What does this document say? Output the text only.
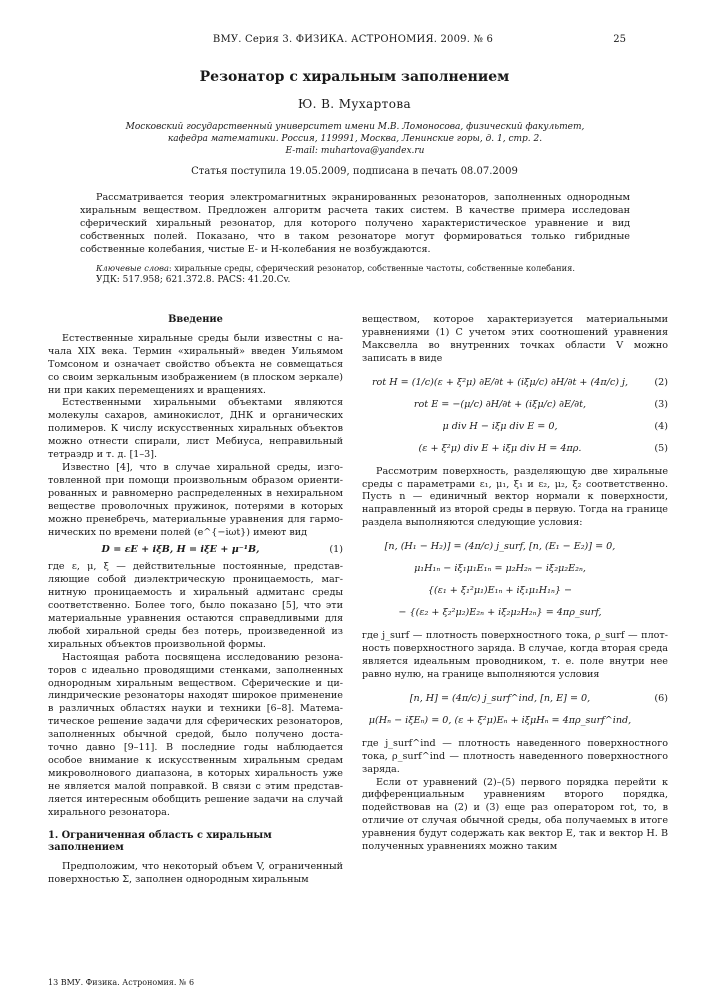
ВМУ. Серия 3. ФИЗИКА. АСТРОНОМИЯ. 2009. № 6	25
Резонатор с хиральным заполнением
Ю. В. Мухартова
Московский государственный университет имени М.В. Ломоносова, физический факультет,
кафедра математики. Россия, 119991, Москва, Ленинские горы, д. 1, стр. 2.
E-mail: muhartova@yandex.ru
Статья поступила 19.05.2009, подписана в печать 08.07.2009
Рассматривается теория электромагнитных экранированных резонаторов, заполненных однородным хиральным веществом. Предложен алгоритм расчета таких систем. В качестве примера исследован сферический хиральный резонатор, для которого получено характеристическое уравнение и вид собственных полей. Показано, что в таком резонаторе могут формироваться только гибридные собственные колебания, чистые E- и H-колебания не возбуждаются.
Ключевые слова: хиральные среды, сферический резонатор, собственные частоты, собственные колебания.
УДК: 517.958; 621.372.8. PACS: 41.20.Cv.
Введение

Естественные хиральные среды были известны с начала XIX века. Термин «хиральный» введен Уильямом Томсоном и означает свойство объекта не совмещаться со своим зеркальным изображением (в плоском зеркале) ни при каких перемещениях и вращениях.

Естественными хиральными объектами являются молекулы сахаров, аминокислот, ДНК и органических полимеров. К числу искусственных хиральных объектов можно отнести спирали, лист Мебиуса, неправильный тетраэдр и т. д. [1–3].

Известно [4], что в случае хиральной среды, изготовленной при помощи произвольным образом ориентированных и равномерно распределенных в нехиральном веществе проволочных пружинок, потерями в которых можно пренебречь, материальные уравнения для гармонических по времени полей (e^{−iωt}) имеют вид

D = εE + iξB, H = iξE + μ⁻¹B,	(1)

где ε, μ, ξ — действительные постоянные, представляющие собой диэлектрическую проницаемость, магнитную проницаемость и хиральный адмитанс среды соответственно. Более того, было показано [5], что эти материальные уравнения остаются справедливыми для любой хиральной среды без потерь, произведенной из хиральных объектов произвольной формы.

Настоящая работа посвящена исследованию резонаторов с идеально проводящими стенками, заполненных однородным хиральным веществом. Сферические и цилиндрические резонаторы находят широкое применение в различных областях науки и техники [6–8]. Математическое решение задачи для сферических резонаторов, заполненных обычной средой, было получено достаточно давно [9–11]. В последние годы наблюдается особое внимание к искусственным хиральным средам микроволнового диапазона, в которых хиральность уже не является малой поправкой. В связи с этим представляется интересным обобщить решение задачи на случай хирального резонатора.

1. Ограниченная область с хиральным заполнением

Предположим, что некоторый объем V, ограниченный поверхностью Σ, заполнен однородным хиральным

веществом, которое характеризуется материальными уравнениями (1) С учетом этих соотношений уравнения Максвелла во внутренних точках области V можно записать в виде

rot H = (1/c)(ε + ξ²μ) ∂E/∂t + (iξμ/c) ∂H/∂t + (4π/c) j,	(2)
rot E = −(μ/c) ∂H/∂t + (iξμ/c) ∂E/∂t,	(3)
μ div H − iξμ div E = 0,	(4)
(ε + ξ²μ) div E + iξμ div H = 4πρ.	(5)

Рассмотрим поверхность, разделяющую две хиральные среды с параметрами ε₁, μ₁, ξ₁ и ε₂, μ₂, ξ₂ соответственно. Пусть n — единичный вектор нормали к поверхности, направленный из второй среды в первую. Тогда на границе раздела выполняются следующие условия:

[n, (H₁ − H₂)] = (4π/c) j_surf, [n, (E₁ − E₂)] = 0,
μ₁H₁ₙ − iξ₁μ₁E₁ₙ = μ₂H₂ₙ − iξ₂μ₂E₂ₙ,
{(ε₁ + ξ₁²μ₁)E₁ₙ + iξ₁μ₁H₁ₙ} −
− {(ε₂ + ξ₂²μ₂)E₂ₙ + iξ₂μ₂H₂ₙ} = 4πρ_surf,

где j_surf — плотность поверхностного тока, ρ_surf — плотность поверхностного заряда. В случае, когда вторая среда является идеальным проводником, т. е. поле внутри нее равно нулю, на границе выполняются условия

[n, H] = (4π/c) j_surf^ind, [n, E] = 0,	(6)
μ(Hₙ − iξEₙ) = 0, (ε + ξ²μ)Eₙ + iξμHₙ = 4πρ_surf^ind,

где j_surf^ind — плотность наведенного поверхностного тока, ρ_surf^ind — плотность наведенного поверхностного заряда.

Если от уравнений (2)–(5) первого порядка перейти к дифференциальным уравнениям второго порядка, подействовав на (2) и (3) еще раз оператором rot, то, в отличие от случая обычной среды, оба получаемых в итоге уравнения будут содержать как вектор E, так и вектор H. В полученных уравнениях можно таким

13 ВМУ. Физика. Астрономия. № 6
